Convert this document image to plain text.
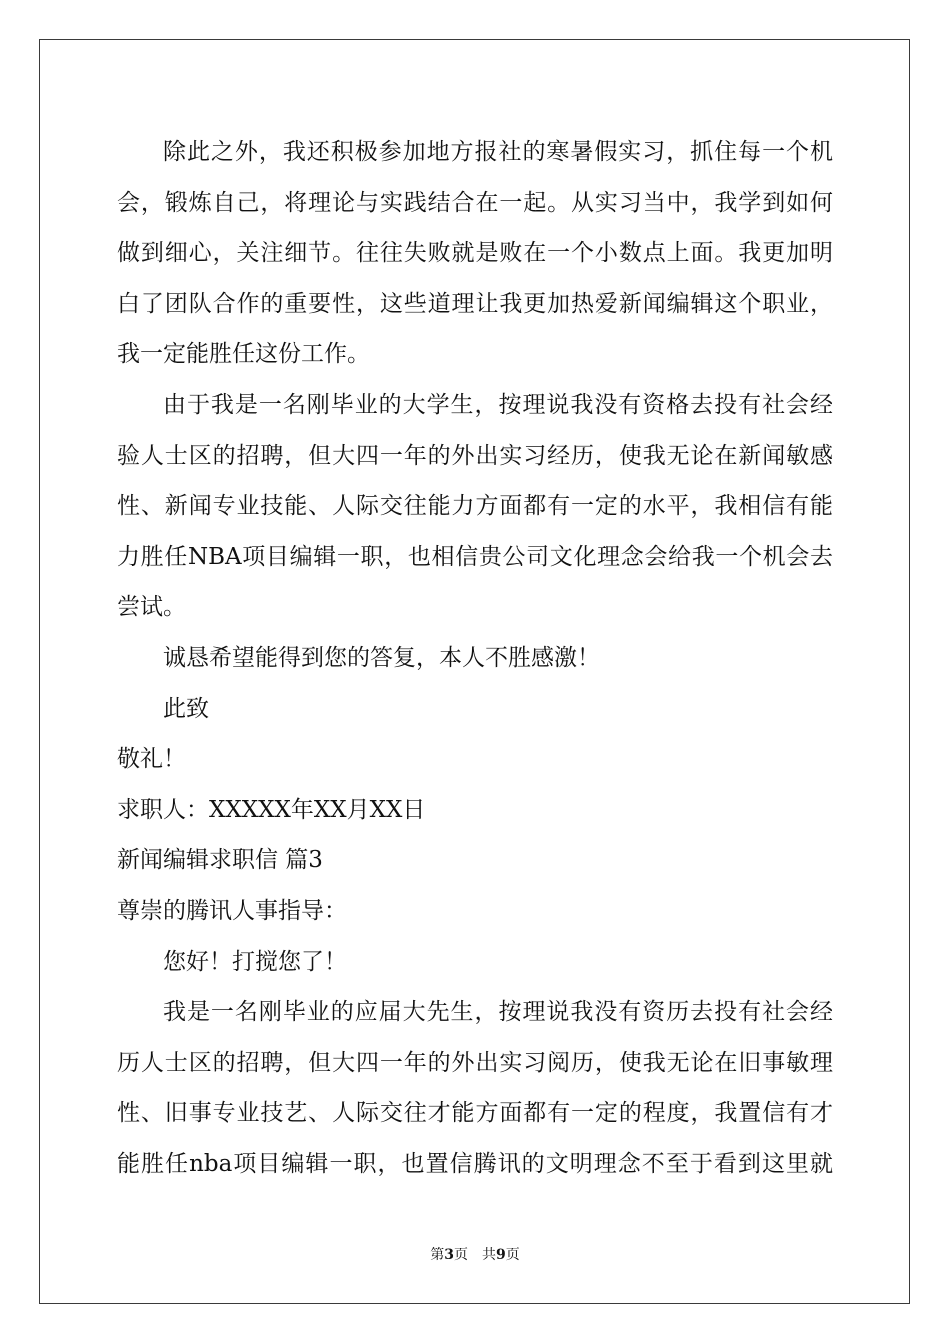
除此之外，我还积极参加地方报社的寒暑假实习，抓住每一个机
会，锻炼自己，将理论与实践结合在一起。从实习当中，我学到如何
做到细心，关注细节。往往失败就是败在一个小数点上面。我更加明
白了团队合作的重要性，这些道理让我更加热爱新闻编辑这个职业，
我一定能胜任这份工作。
由于我是一名刚毕业的大学生，按理说我没有资格去投有社会经
验人士区的招聘，但大四一年的外出实习经历，使我无论在新闻敏感
性、新闻专业技能、人际交往能力方面都有一定的水平，我相信有能
力胜任NBA项目编辑一职，也相信贵公司文化理念会给我一个机会去
尝试。
诚恳希望能得到您的答复，本人不胜感激！
此致
敬礼！
求职人：XXXXX年XX月XX日
新闻编辑求职信 篇3
尊崇的腾讯人事指导：
您好！打搅您了！
我是一名刚毕业的应届大先生，按理说我没有资历去投有社会经
历人士区的招聘，但大四一年的外出实习阅历，使我无论在旧事敏理
性、旧事专业技艺、人际交往才能方面都有一定的程度，我置信有才
能胜任nba项目编辑一职，也置信腾讯的文明理念不至于看到这里就
第3页　共9页
